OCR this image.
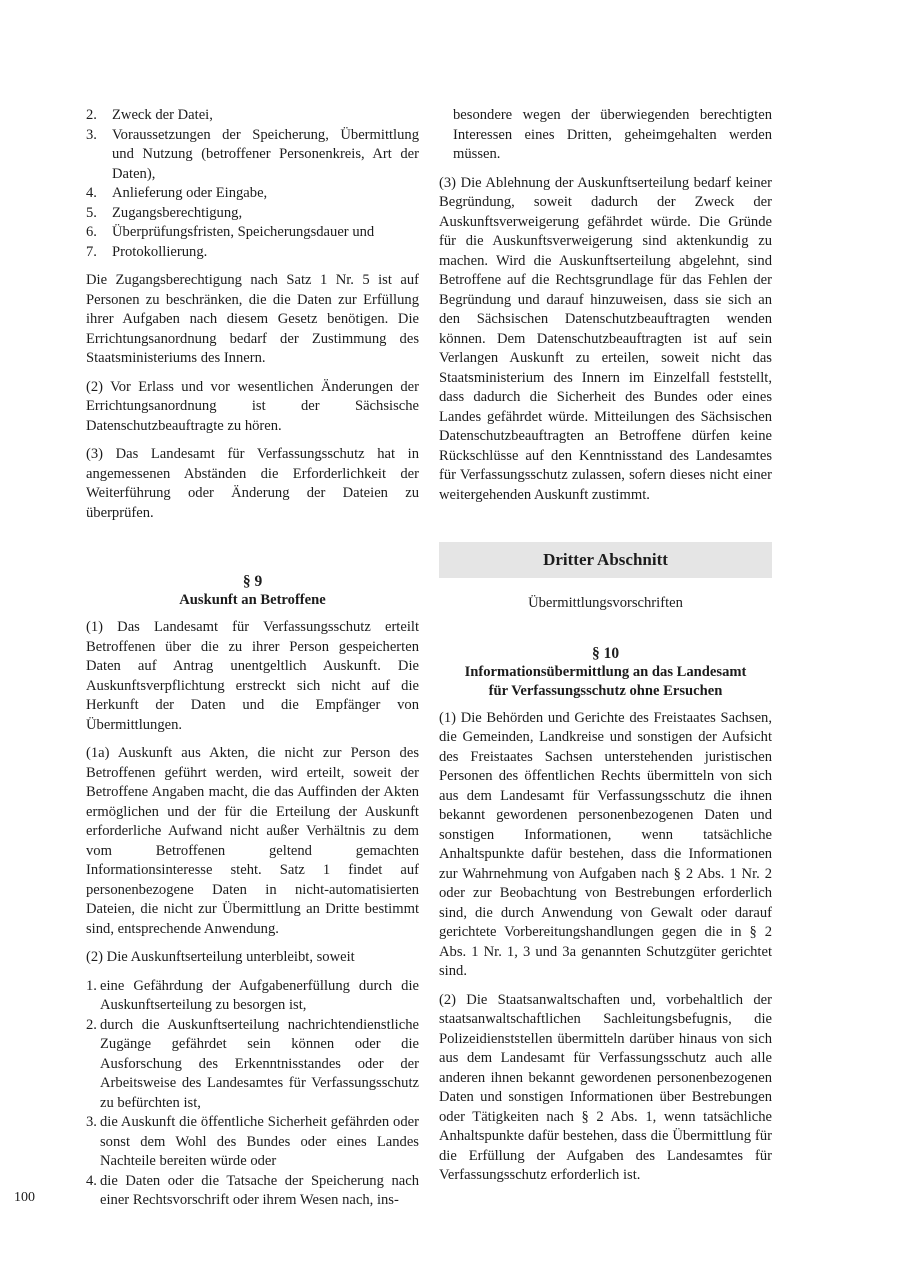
2.	Zweck der Datei,
3.	Voraussetzungen der Speicherung, Übermittlung und Nutzung (betroffener Personenkreis, Art der Daten),
4.	Anlieferung oder Eingabe,
5.	Zugangsberechtigung,
6.	Überprüfungsfristen, Speicherungsdauer und
7.	Protokollierung.

Die Zugangsberechtigung nach Satz 1 Nr. 5 ist auf Personen zu beschränken, die die Daten zur Erfüllung ihrer Aufgaben nach diesem Gesetz benötigen. Die Errichtungsanordnung bedarf der Zustimmung des Staatsministeriums des Innern.

(2) Vor Erlass und vor wesentlichen Änderungen der Errichtungsanordnung ist der Sächsische Datenschutzbeauftragte zu hören.

(3) Das Landesamt für Verfassungsschutz hat in angemessenen Abständen die Erforderlichkeit der Weiterführung oder Änderung der Dateien zu überprüfen.

§ 9
Auskunft an Betroffene

(1) Das Landesamt für Verfassungsschutz erteilt Betroffenen über die zu ihrer Person gespeicherten Daten auf Antrag unentgeltlich Auskunft. Die Auskunftsverpflichtung erstreckt sich nicht auf die Herkunft der Daten und die Empfänger von Übermittlungen.

(1a) Auskunft aus Akten, die nicht zur Person des Betroffenen geführt werden, wird erteilt, soweit der Betroffene Angaben macht, die das Auffinden der Akten ermöglichen und der für die Erteilung der Auskunft erforderliche Aufwand nicht außer Verhältnis zu dem vom Betroffenen geltend gemachten Informationsinteresse steht. Satz 1 findet auf personenbezogene Daten in nicht-automatisierten Dateien, die nicht zur Übermittlung an Dritte bestimmt sind, entsprechende Anwendung.

(2) Die Auskunftserteilung unterbleibt, soweit

1. eine Gefährdung der Aufgabenerfüllung durch die Auskunftserteilung zu besorgen ist,
2. durch die Auskunftserteilung nachrichtendienstliche Zugänge gefährdet sein können oder die Ausforschung des Erkenntnisstandes oder der Arbeitsweise des Landesamtes für Verfassungsschutz zu befürchten ist,
3. die Auskunft die öffentliche Sicherheit gefährden oder sonst dem Wohl des Bundes oder eines Landes Nachteile bereiten würde oder
4. die Daten oder die Tatsache der Speicherung nach einer Rechtsvorschrift oder ihrem Wesen nach, ins-

besondere wegen der überwiegenden berechtigten Interessen eines Dritten, geheimgehalten werden müssen.

(3) Die Ablehnung der Auskunftserteilung bedarf keiner Begründung, soweit dadurch der Zweck der Auskunftsverweigerung gefährdet würde. Die Gründe für die Auskunftsverweigerung sind aktenkundig zu machen. Wird die Auskunftserteilung abgelehnt, sind Betroffene auf die Rechtsgrundlage für das Fehlen der Begründung und darauf hinzuweisen, dass sie sich an den Sächsischen Datenschutzbeauftragten wenden können. Dem Datenschutzbeauftragten ist auf sein Verlangen Auskunft zu erteilen, soweit nicht das Staatsministerium des Innern im Einzelfall feststellt, dass dadurch die Sicherheit des Bundes oder eines Landes gefährdet würde. Mitteilungen des Sächsischen Datenschutzbeauftragten an Betroffene dürfen keine Rückschlüsse auf den Kenntnisstand des Landesamtes für Verfassungsschutz zulassen, sofern dieses nicht einer weitergehenden Auskunft zustimmt.

Dritter Abschnitt
Übermittlungsvorschriften
§ 10
Informationsübermittlung an das Landesamt
für Verfassungsschutz ohne Ersuchen

(1) Die Behörden und Gerichte des Freistaates Sachsen, die Gemeinden, Landkreise und sonstigen der Aufsicht des Freistaates Sachsen unterstehenden juristischen Personen des öffentlichen Rechts übermitteln von sich aus dem Landesamt für Verfassungsschutz die ihnen bekannt gewordenen personenbezogenen Daten und sonstigen Informationen, wenn tatsächliche Anhaltspunkte dafür bestehen, dass die Informationen zur Wahrnehmung von Aufgaben nach § 2 Abs. 1 Nr. 2 oder zur Beobachtung von Bestrebungen erforderlich sind, die durch Anwendung von Gewalt oder darauf gerichtete Vorbereitungshandlungen gegen die in § 2 Abs. 1 Nr. 1, 3 und 3a genannten Schutzgüter gerichtet sind.

(2) Die Staatsanwaltschaften und, vorbehaltlich der staatsanwaltschaftlichen Sachleitungsbefugnis, die Polizeidienststellen übermitteln darüber hinaus von sich aus dem Landesamt für Verfassungsschutz auch alle anderen ihnen bekannt gewordenen personenbezogenen Daten und sonstigen Informationen über Bestrebungen oder Tätigkeiten nach § 2 Abs. 1, wenn tatsächliche Anhaltspunkte dafür bestehen, dass die Übermittlung für die Erfüllung der Aufgaben des Landesamtes für Verfassungsschutz erforderlich ist.

100
